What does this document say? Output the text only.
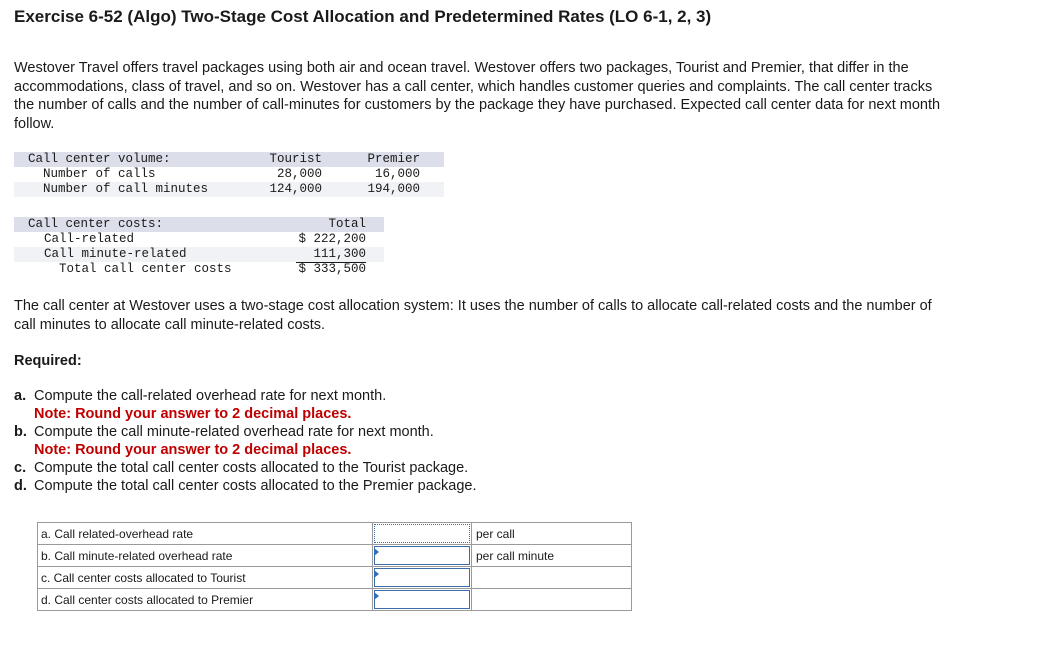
Exercise 6-52 (Algo) Two-Stage Cost Allocation and Predetermined Rates (LO 6-1, 2, 3)
Westover Travel offers travel packages using both air and ocean travel. Westover offers two packages, Tourist and Premier, that differ in the accommodations, class of travel, and so on. Westover has a call center, which handles customer queries and complaints. The call center tracks the number of calls and the number of call-minutes for customers by the package they have purchased. Expected call center data for next month follow.
Call center volume:	Tourist	Premier
Number of calls	28,000	16,000
Number of call minutes	124,000	194,000
Call center costs:	Total
Call-related	$ 222,200
Call minute-related	111,300
Total call center costs	$ 333,500
The call center at Westover uses a two-stage cost allocation system: It uses the number of calls to allocate call-related costs and the number of call minutes to allocate call minute-related costs.
Required:
a. Compute the call-related overhead rate for next month.
Note: Round your answer to 2 decimal places.
b. Compute the call minute-related overhead rate for next month.
Note: Round your answer to 2 decimal places.
c. Compute the total call center costs allocated to the Tourist package.
d. Compute the total call center costs allocated to the Premier package.
a. Call related-overhead rate		per call
b. Call minute-related overhead rate		per call minute
c. Call center costs allocated to Tourist	

d. Call center costs allocated to Premier	
